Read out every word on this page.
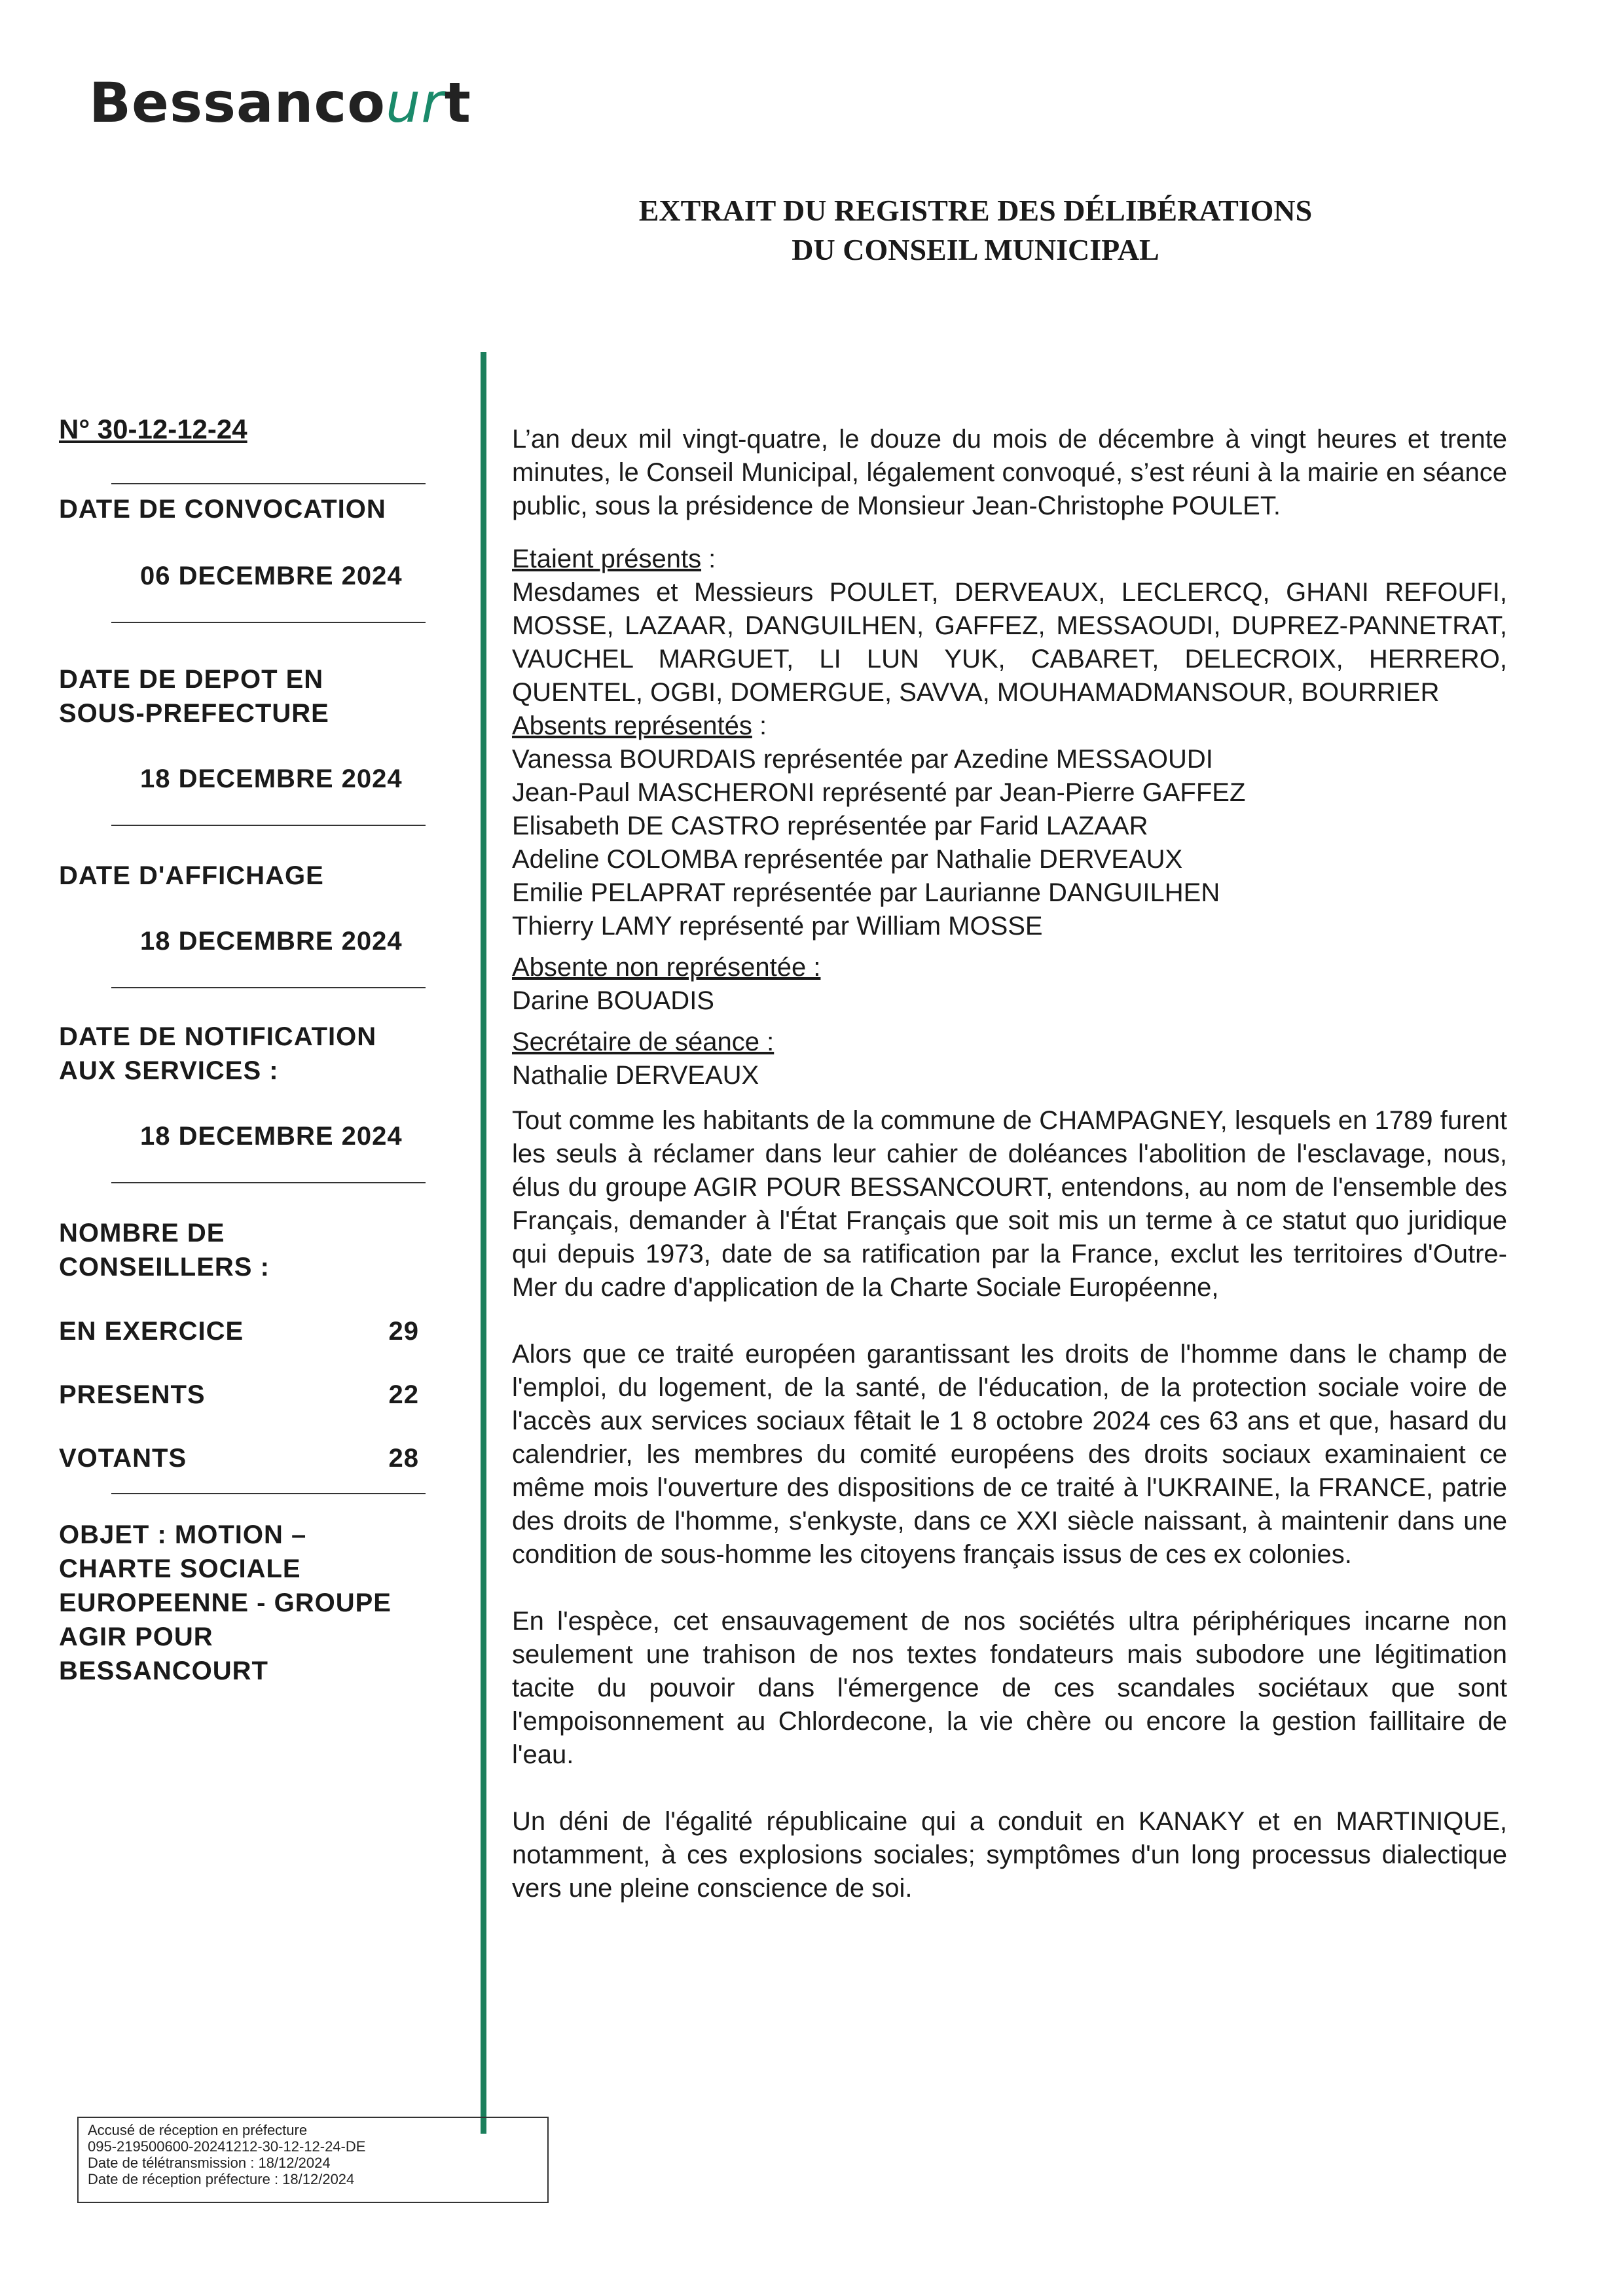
Bessancourt
EXTRAIT DU REGISTRE DES DÉLIBÉRATIONS
DU CONSEIL MUNICIPAL
N° 30-12-12-24
DATE DE CONVOCATION
06 DECEMBRE 2024
DATE DE DEPOT EN SOUS-PREFECTURE
18 DECEMBRE 2024
DATE D'AFFICHAGE
18 DECEMBRE 2024
DATE DE NOTIFICATION AUX SERVICES :
18 DECEMBRE 2024
NOMBRE DE CONSEILLERS :
EN EXERCICE	29
PRESENTS	22
VOTANTS	28
OBJET : MOTION – CHARTE SOCIALE EUROPEENNE - GROUPE AGIR POUR BESSANCOURT

L’an deux mil vingt-quatre, le douze du mois de décembre à vingt heures et trente minutes, le Conseil Municipal, légalement convoqué, s’est réuni à la mairie en séance public, sous la présidence de Monsieur Jean-Christophe POULET.

Etaient présents :

Mesdames et Messieurs POULET, DERVEAUX, LECLERCQ, GHANI REFOUFI, MOSSE, LAZAAR, DANGUILHEN, GAFFEZ, MESSAOUDI, DUPREZ-PANNETRAT, VAUCHEL MARGUET, LI LUN YUK, CABARET, DELECROIX, HERRERO, QUENTEL, OGBI, DOMERGUE, SAVVA, MOUHAMADMANSOUR, BOURRIER

Absents représentés :
Vanessa BOURDAIS représentée par Azedine MESSAOUDI
Jean-Paul MASCHERONI représenté par Jean-Pierre GAFFEZ
Elisabeth DE CASTRO représentée par Farid LAZAAR
Adeline COLOMBA représentée par Nathalie DERVEAUX
Emilie PELAPRAT représentée par Laurianne DANGUILHEN
Thierry LAMY représenté par William MOSSE
Absente non représentée :
Darine BOUADIS
Secrétaire de séance :
Nathalie DERVEAUX

Tout comme les habitants de la commune de CHAMPAGNEY, lesquels en 1789 furent les seuls à réclamer dans leur cahier de doléances l'abolition de l'esclavage, nous, élus du groupe AGIR POUR BESSANCOURT, entendons, au nom de l'ensemble des Français, demander à l'État Français que soit mis un terme à ce statut quo juridique qui depuis 1973, date de sa ratification par la France, exclut les territoires d'Outre-Mer du cadre d'application de la Charte Sociale Européenne,

Alors que ce traité européen garantissant les droits de l'homme dans le champ de l'emploi, du logement, de la santé, de l'éducation, de la protection sociale voire de l'accès aux services sociaux fêtait le 1 8 octobre 2024 ces 63 ans et que, hasard du calendrier, les membres du comité européens des droits sociaux examinaient ce même mois l'ouverture des dispositions de ce traité à l'UKRAINE, la FRANCE, patrie des droits de l'homme, s'enkyste, dans ce XXI siècle naissant, à maintenir dans une condition de sous-homme les citoyens français issus de ces ex colonies.

En l'espèce, cet ensauvagement de nos sociétés ultra périphériques incarne non seulement une trahison de nos textes fondateurs mais subodore une légitimation tacite du pouvoir dans l'émergence de ces scandales sociétaux que sont l'empoisonnement au Chlordecone, la vie chère ou encore la gestion faillitaire de l'eau.

Un déni de l'égalité républicaine qui a conduit en KANAKY et en MARTINIQUE, notamment, à ces explosions sociales; symptômes d'un long processus dialectique vers une pleine conscience de soi.

Accusé de réception en préfecture
095-219500600-20241212-30-12-12-24-DE
Date de télétransmission : 18/12/2024
Date de réception préfecture : 18/12/2024
